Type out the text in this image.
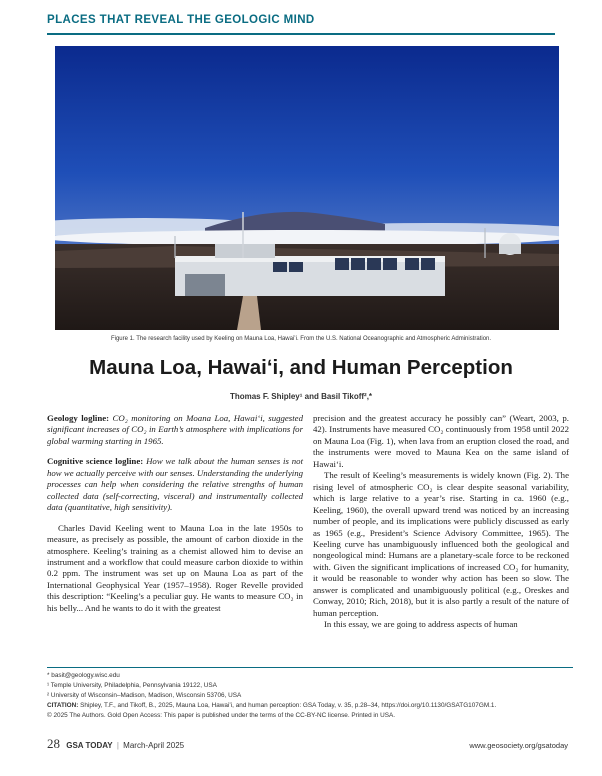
PLACES THAT REVEAL THE GEOLOGIC MIND
Figure 1. The research facility used by Keeling on Mauna Loa, Hawaiʻi. From the U.S. National Oceanographic and Atmospheric Administration.
Mauna Loa, Hawaiʻi, and Human Perception
Thomas F. Shipley¹ and Basil Tikoff²,*

Geology logline: CO₂ monitoring on Moana Loa, Hawaiʻi, suggested significant increases of CO₂ in Earth’s atmosphere with implications for global warming starting in 1965.

Cognitive science logline: How we talk about the human senses is not how we actually perceive with our senses. Understanding the underlying processes can help when considering the relative strengths of human collected data (self-correcting, visceral) and instrumentally collected data (quantitative, high sensitivity).

Charles David Keeling went to Mauna Loa in the late 1950s to measure, as precisely as possible, the amount of carbon dioxide in the atmosphere. Keeling’s training as a chemist allowed him to devise an instrument and a workflow that could measure carbon dioxide to within 0.2 ppm. The instrument was set up on Mauna Loa as part of the International Geophysical Year (1957–1958). Roger Revelle provided this description: “Keeling’s a peculiar guy. He wants to measure CO₂ in his belly... And he wants to do it with the greatest

precision and the greatest accuracy he possibly can” (Weart, 2003, p. 42). Instruments have measured CO₂ continuously from 1958 until 2022 on Mauna Loa (Fig. 1), when lava from an eruption closed the road, and the instruments were moved to Mauna Kea on the same island of Hawaiʻi.

The result of Keeling’s measurements is widely known (Fig. 2). The rising level of atmospheric CO₂ is clear despite seasonal variability, which is large relative to a year’s rise. Starting in ca. 1960 (e.g., Keeling, 1960), the overall upward trend was noticed by an increasing number of people, and its implications were publicly discussed as early as 1965 (e.g., President’s Science Advisory Committee, 1965). The Keeling curve has unambiguously influenced both the geological and nongeological mind: Humans are a planetary-scale force to be reckoned with. Given the significant implications of increased CO₂ for humanity, it would be reasonable to wonder why action has been so slow. The answer is complicated and unambiguously political (e.g., Oreskes and Conway, 2010; Rich, 2018), but it is also partly a result of the nature of human perception.

In this essay, we are going to address aspects of human

* basit@geology.wisc.edu
¹ Temple University, Philadelphia, Pennsylvania 19122, USA
² University of Wisconsin–Madison, Madison, Wisconsin 53706, USA
CITATION: Shipley, T.F., and Tikoff, B., 2025, Mauna Loa, Hawaiʻi, and human perception: GSA Today, v. 35, p.28–34, https://doi.org/10.1130/GSATG107GM.1.
© 2025 The Authors. Gold Open Access: This paper is published under the terms of the CC-BY-NC license. Printed in USA.
28 GSA TODAY | March-April 2025	www.geosociety.org/gsatoday
